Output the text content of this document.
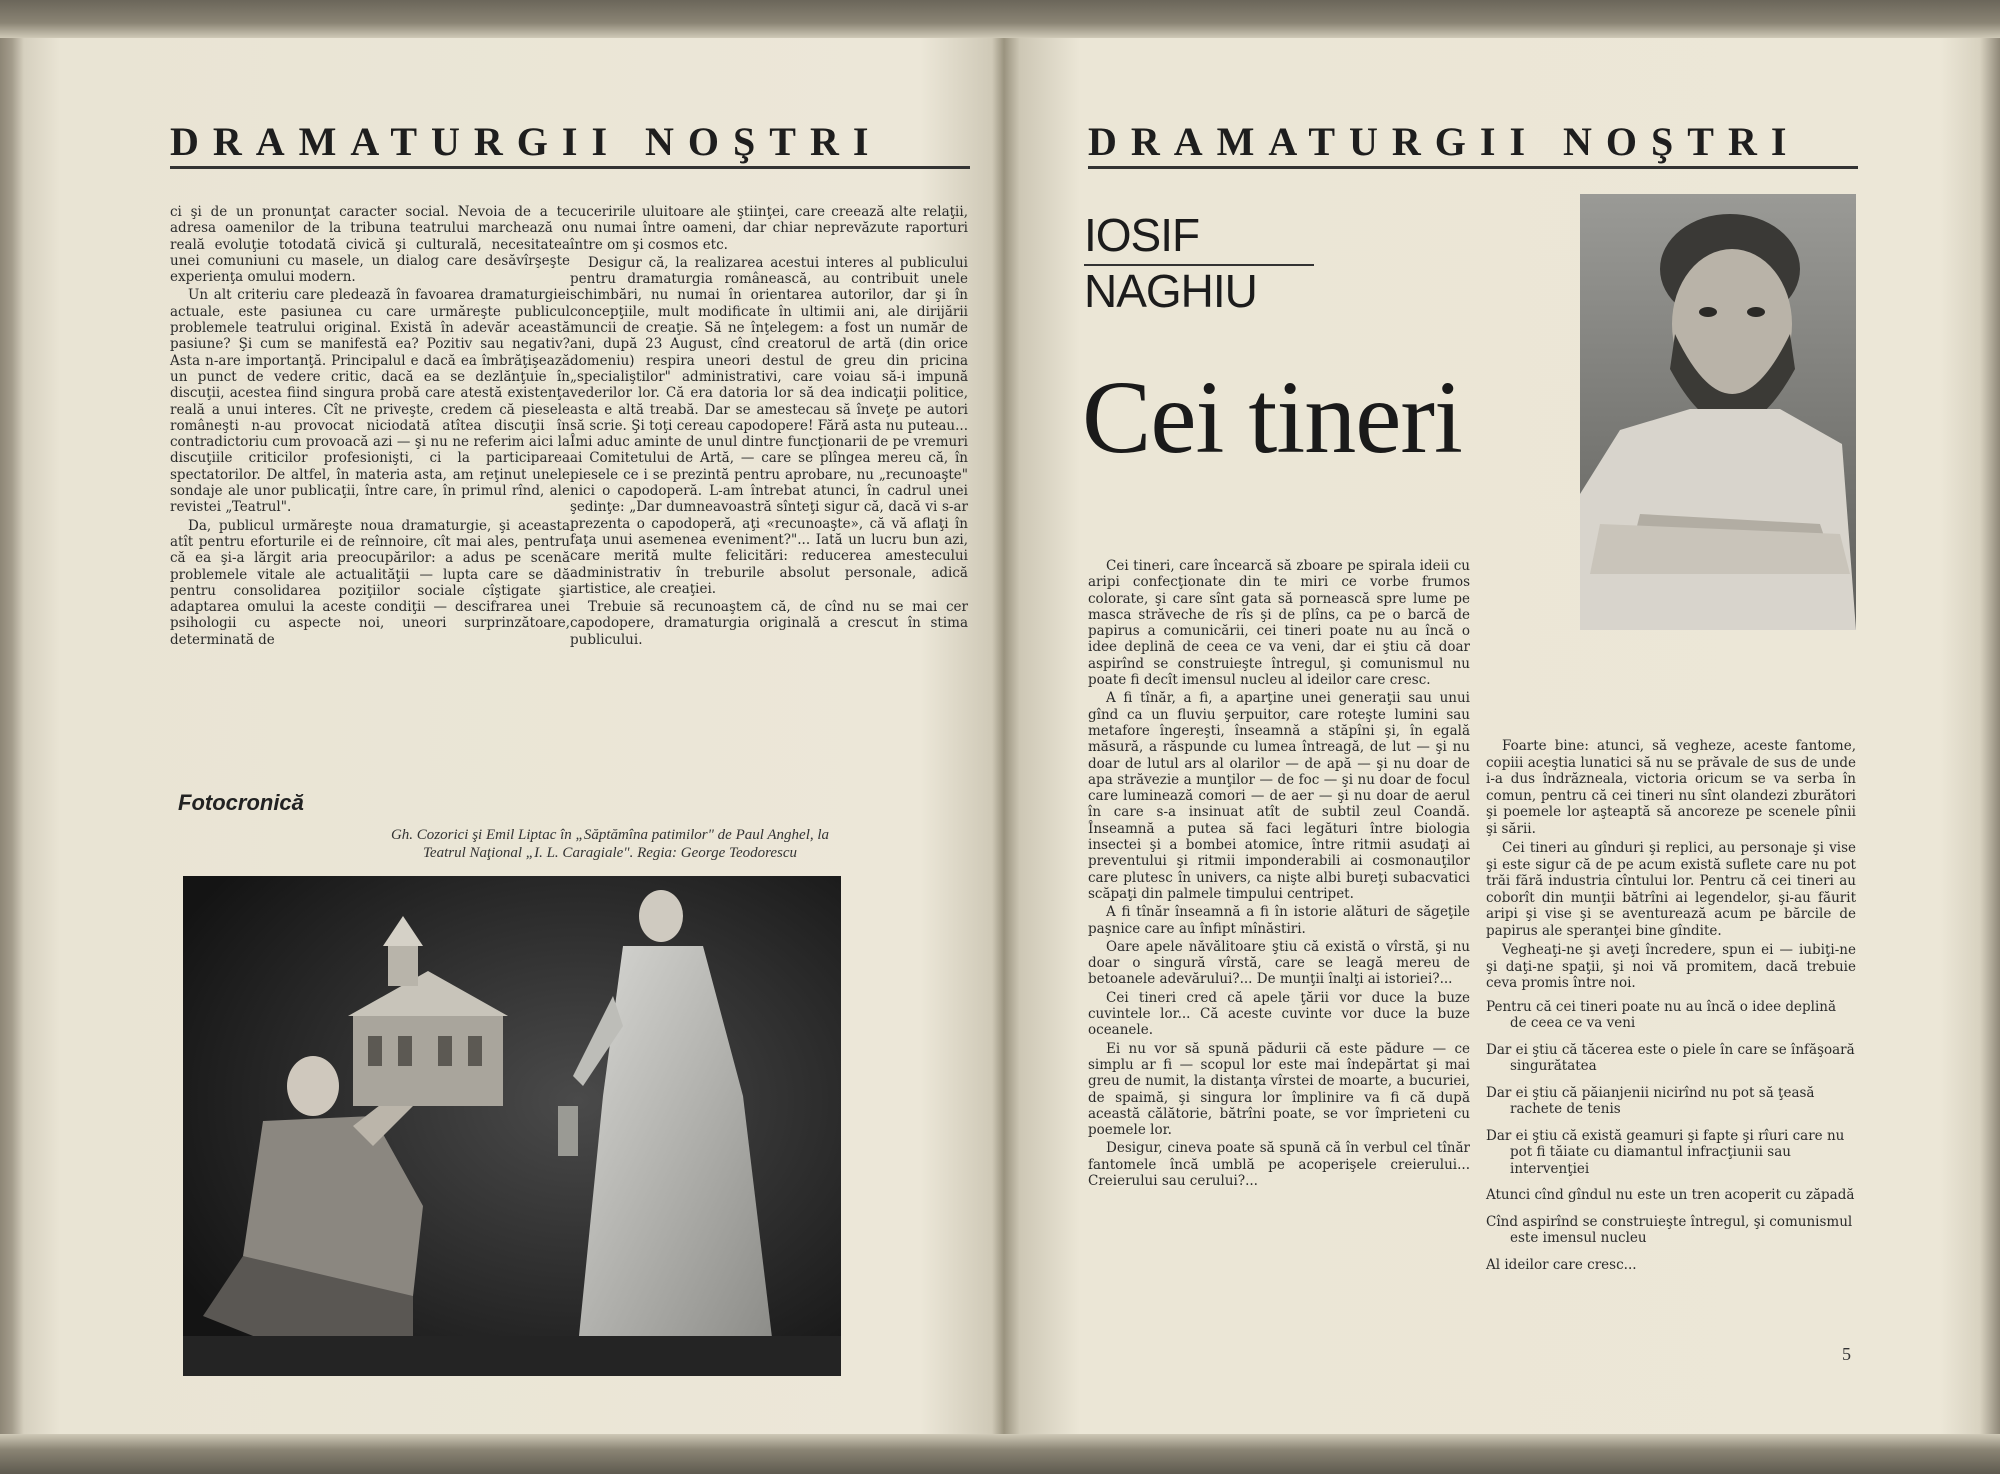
DRAMATURGII NOŞTRI

ci şi de un pronunţat caracter social. Nevoia de a te adresa oamenilor de la tribuna teatrului marchează o reală evoluţie totodată civică şi culturală, necesitatea unei comuniuni cu masele, un dialog care desăvîrşeşte experienţa omului modern.

Un alt criteriu care pledează în favoarea dramaturgiei actuale, este pasiunea cu care urmăreşte publicul problemele teatrului original. Există în adevăr această pasiune? Şi cum se manifestă ea? Pozitiv sau negativ? Asta n-are importanţă. Principalul e dacă ea îmbrăţişează un punct de vedere critic, dacă ea se dezlănţuie în discuţii, acestea fiind singura probă care atestă existenţa reală a unui interes. Cît ne priveşte, credem că piesele româneşti n-au provocat niciodată atîtea discuţii în contradictoriu cum provoacă azi — şi nu ne referim aici la discuţiile criticilor profesionişti, ci la participarea spectatorilor. De altfel, în materia asta, am reţinut unele sondaje ale unor publicaţii, între care, în primul rînd, ale revistei „Teatrul".

Da, publicul urmăreşte noua dramaturgie, şi aceasta atît pentru eforturile ei de reînnoire, cît mai ales, pentru că ea şi-a lărgit aria preocupărilor: a adus pe scenă problemele vitale ale actualităţii — lupta care se dă pentru consolidarea poziţiilor sociale cîştigate şi adaptarea omului la aceste condiţii — descifrarea unei psihologii cu aspecte noi, uneori surprinzătoare, determinată de

cuceririle uluitoare ale ştiinţei, care creează alte relaţii, nu numai între oameni, dar chiar neprevăzute raporturi între om şi cosmos etc.

Desigur că, la realizarea acestui interes al publicului pentru dramaturgia românească, au contribuit unele schimbări, nu numai în orientarea autorilor, dar şi în concepţiile, mult modificate în ultimii ani, ale dirijării muncii de creaţie. Să ne înţelegem: a fost un număr de ani, după 23 August, cînd creatorul de artă (din orice domeniu) respira uneori destul de greu din pricina „specialiştilor" administrativi, care voiau să-i impună vederilor lor. Că era datoria lor să dea indicaţii politice, asta e altă treabă. Dar se amestecau să înveţe pe autori să scrie. Şi toţi cereau capodopere! Fără asta nu puteau... Îmi aduc aminte de unul dintre funcţionarii de pe vremuri ai Comitetului de Artă, — care se plîngea mereu că, în piesele ce i se prezintă pentru aprobare, nu „recunoaşte" nici o capodoperă. L-am întrebat atunci, în cadrul unei şedinţe: „Dar dumneavoastră sînteţi sigur că, dacă vi s-ar prezenta o capodoperă, aţi «recunoaşte», că vă aflaţi în faţa unui asemenea eveniment?"... Iată un lucru bun azi, care merită multe felicitări: reducerea amestecului administrativ în treburile absolut personale, adică artistice, ale creaţiei.

Trebuie să recunoaştem că, de cînd nu se mai cer capodopere, dramaturgia originală a crescut în stima publicului.

Fotocronică
Gh. Cozorici şi Emil Liptac în „Săptămîna patimilor" de Paul Anghel, la
Teatrul Naţional „I. L. Caragiale". Regia: George Teodorescu
DRAMATURGII NOŞTRI
IOSIF
NAGHIU
Cei tineri

Cei tineri, care încearcă să zboare pe spirala ideii cu aripi confecţionate din te miri ce vorbe frumos colorate, şi care sînt gata să pornească spre lume pe masca străveche de rîs şi de plîns, ca pe o barcă de papirus a comunicării, cei tineri poate nu au încă o idee deplină de ceea ce va veni, dar ei ştiu că doar aspirînd se construieşte întregul, şi comunismul nu poate fi decît imensul nucleu al ideilor care cresc.

A fi tînăr, a fi, a aparţine unei generaţii sau unui gînd ca un fluviu şerpuitor, care roteşte lumini sau metafore îngereşti, înseamnă a stăpîni şi, în egală măsură, a răspunde cu lumea întreagă, de lut — şi nu doar de lutul ars al olarilor — de apă — şi nu doar de apa străvezie a munţilor — de foc — şi nu doar de focul care luminează comori — de aer — şi nu doar de aerul în care s-a insinuat atît de subtil zeul Coandă. Înseamnă a putea să faci legături între biologia insectei şi a bombei atomice, între ritmii asudaţi ai preventului şi ritmii imponderabili ai cosmonauţilor care plutesc în univers, ca nişte albi bureţi subacvatici scăpaţi din palmele timpului centripet.

A fi tînăr înseamnă a fi în istorie alături de săgeţile paşnice care au înfipt mînăstiri.

Oare apele năvălitoare ştiu că există o vîrstă, şi nu doar o singură vîrstă, care se leagă mereu de betoanele adevărului?... De munţii înalţi ai istoriei?...

Cei tineri cred că apele ţării vor duce la buze cuvintele lor... Că aceste cuvinte vor duce la buze oceanele.

Ei nu vor să spună pădurii că este pădure — ce simplu ar fi — scopul lor este mai îndepărtat şi mai greu de numit, la distanţa vîrstei de moarte, a bucuriei, de spaimă, şi singura lor împlinire va fi că după această călătorie, bătrîni poate, se vor împrieteni cu poemele lor.

Desigur, cineva poate să spună că în verbul cel tînăr fantomele încă umblă pe acoperişele creierului... Creierului sau cerului?...

Foarte bine: atunci, să vegheze, aceste fantome, copiii aceştia lunatici să nu se prăvale de sus de unde i-a dus îndrăzneala, victoria oricum se va serba în comun, pentru că cei tineri nu sînt olandezi zburători şi poemele lor aşteaptă să ancoreze pe scenele pînii şi sării.

Cei tineri au gînduri şi replici, au personaje şi vise şi este sigur că de pe acum există suflete care nu pot trăi fără industria cîntului lor. Pentru că cei tineri au coborît din munţii bătrîni ai legendelor, şi-au făurit aripi şi vise şi se aventurează acum pe bărcile de papirus ale speranţei bine gîndite.

Vegheaţi-ne şi aveţi încredere, spun ei — iubiţi-ne şi daţi-ne spaţii, şi noi vă promitem, dacă trebuie ceva promis între noi.

Pentru că cei tineri poate nu au încă o idee deplină de ceea ce va veni

Dar ei ştiu că tăcerea este o piele în care se înfăşoară singurătatea

Dar ei ştiu că păianjenii nicirînd nu pot să ţeasă rachete de tenis

Dar ei ştiu că există geamuri şi fapte şi rîuri care nu pot fi tăiate cu diamantul infracţiunii sau intervenţiei

Atunci cînd gîndul nu este un tren acoperit cu zăpadă

Cînd aspirînd se construieşte întregul, şi comunismul este imensul nucleu

Al ideilor care cresc...

5
